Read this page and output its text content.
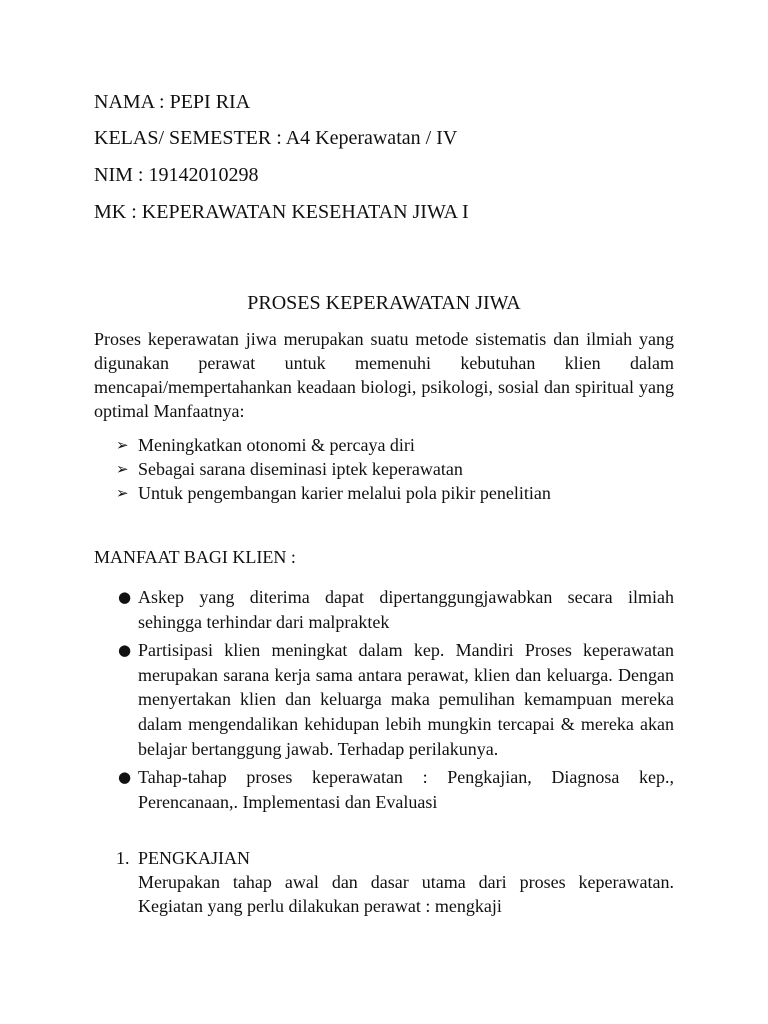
NAMA : PEPI RIA
KELAS/ SEMESTER : A4 Keperawatan / IV
NIM : 19142010298
MK : KEPERAWATAN KESEHATAN JIWA I
PROSES KEPERAWATAN JIWA

Proses keperawatan jiwa merupakan suatu metode sistematis dan ilmiah yang digunakan perawat untuk memenuhi kebutuhan klien dalam mencapai/mempertahankan keadaan biologi, psikologi, sosial dan spiritual yang optimal Manfaatnya:

➢ Meningkatkan otonomi & percaya diri
➢ Sebagai sarana diseminasi iptek keperawatan
➢ Untuk pengembangan karier melalui pola pikir penelitian
MANFAAT BAGI KLIEN :
● Askep yang diterima dapat dipertanggungjawabkan secara ilmiah sehingga terhindar dari malpraktek
● Partisipasi klien meningkat dalam kep. Mandiri Proses keperawatan merupakan sarana kerja sama antara perawat, klien dan keluarga. Dengan menyertakan klien dan keluarga maka pemulihan kemampuan mereka dalam mengendalikan kehidupan lebih mungkin tercapai & mereka akan belajar bertanggung jawab. Terhadap perilakunya.
● Tahap-tahap proses keperawatan : Pengkajian, Diagnosa kep., Perencanaan,. Implementasi dan Evaluasi
1. PENGKAJIAN
Merupakan tahap awal dan dasar utama dari proses keperawatan. Kegiatan yang perlu dilakukan perawat : mengkaji
